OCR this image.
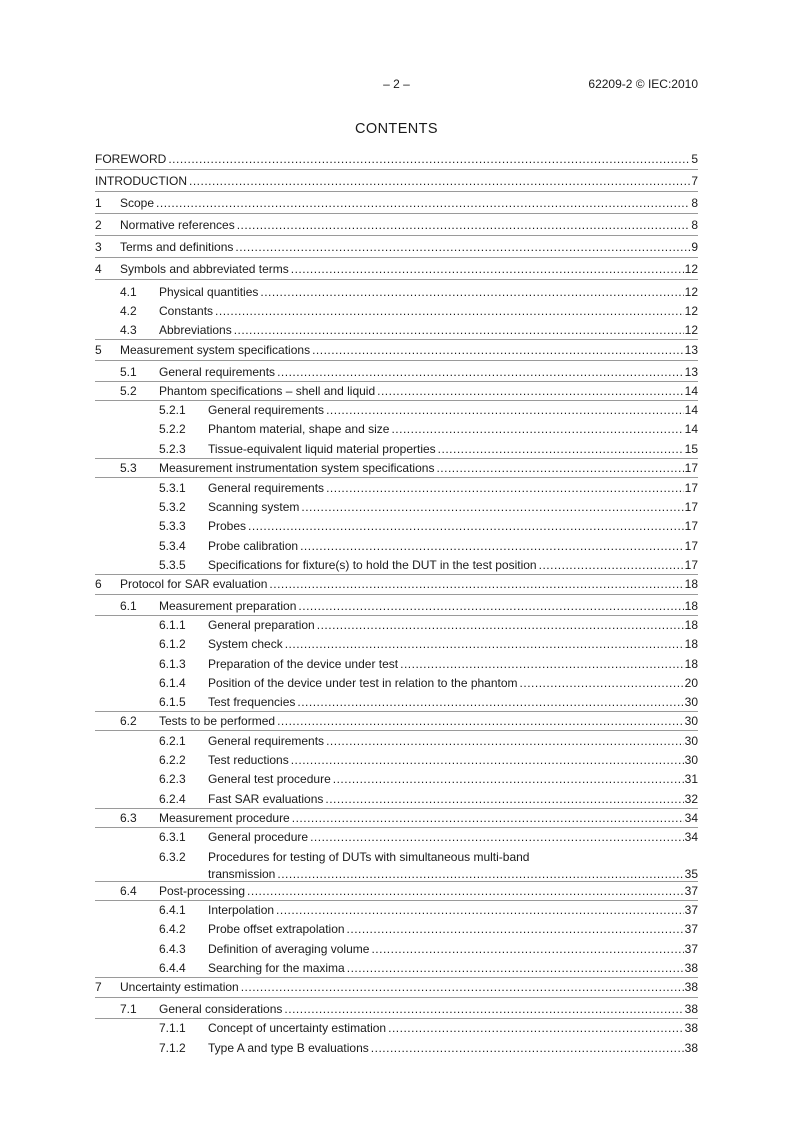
– 2 –	62209-2 © IEC:2010
CONTENTS
FOREWORD .....	5
INTRODUCTION .....	7
1 Scope .....	8
2 Normative references .....	8
3 Terms and definitions .....	9
4 Symbols and abbreviated terms .....	12
4.1 Physical quantities .....	12
4.2 Constants .....	12
4.3 Abbreviations .....	12
5 Measurement system specifications .....	13
5.1 General requirements .....	13
5.2 Phantom specifications – shell and liquid .....	14
5.2.1 General requirements .....	14
5.2.2 Phantom material, shape and size .....	14
5.2.3 Tissue-equivalent liquid material properties .....	15
5.3 Measurement instrumentation system specifications .....	17
5.3.1 General requirements .....	17
5.3.2 Scanning system .....	17
5.3.3 Probes .....	17
5.3.4 Probe calibration .....	17
5.3.5 Specifications for fixture(s) to hold the DUT in the test position .....	17
6 Protocol for SAR evaluation .....	18
6.1 Measurement preparation .....	18
6.1.1 General preparation .....	18
6.1.2 System check .....	18
6.1.3 Preparation of the device under test .....	18
6.1.4 Position of the device under test in relation to the phantom .....	20
6.1.5 Test frequencies .....	30
6.2 Tests to be performed .....	30
6.2.1 General requirements .....	30
6.2.2 Test reductions .....	30
6.2.3 General test procedure .....	31
6.2.4 Fast SAR evaluations .....	32
6.3 Measurement procedure .....	34
6.3.1 General procedure .....	34
6.3.2 Procedures for testing of DUTs with simultaneous multi-band
transmission .....	35
6.4 Post-processing .....	37
6.4.1 Interpolation .....	37
6.4.2 Probe offset extrapolation .....	37
6.4.3 Definition of averaging volume .....	37
6.4.4 Searching for the maxima .....	38
7 Uncertainty estimation .....	38
7.1 General considerations .....	38
7.1.1 Concept of uncertainty estimation .....	38
7.1.2 Type A and type B evaluations .....	38
